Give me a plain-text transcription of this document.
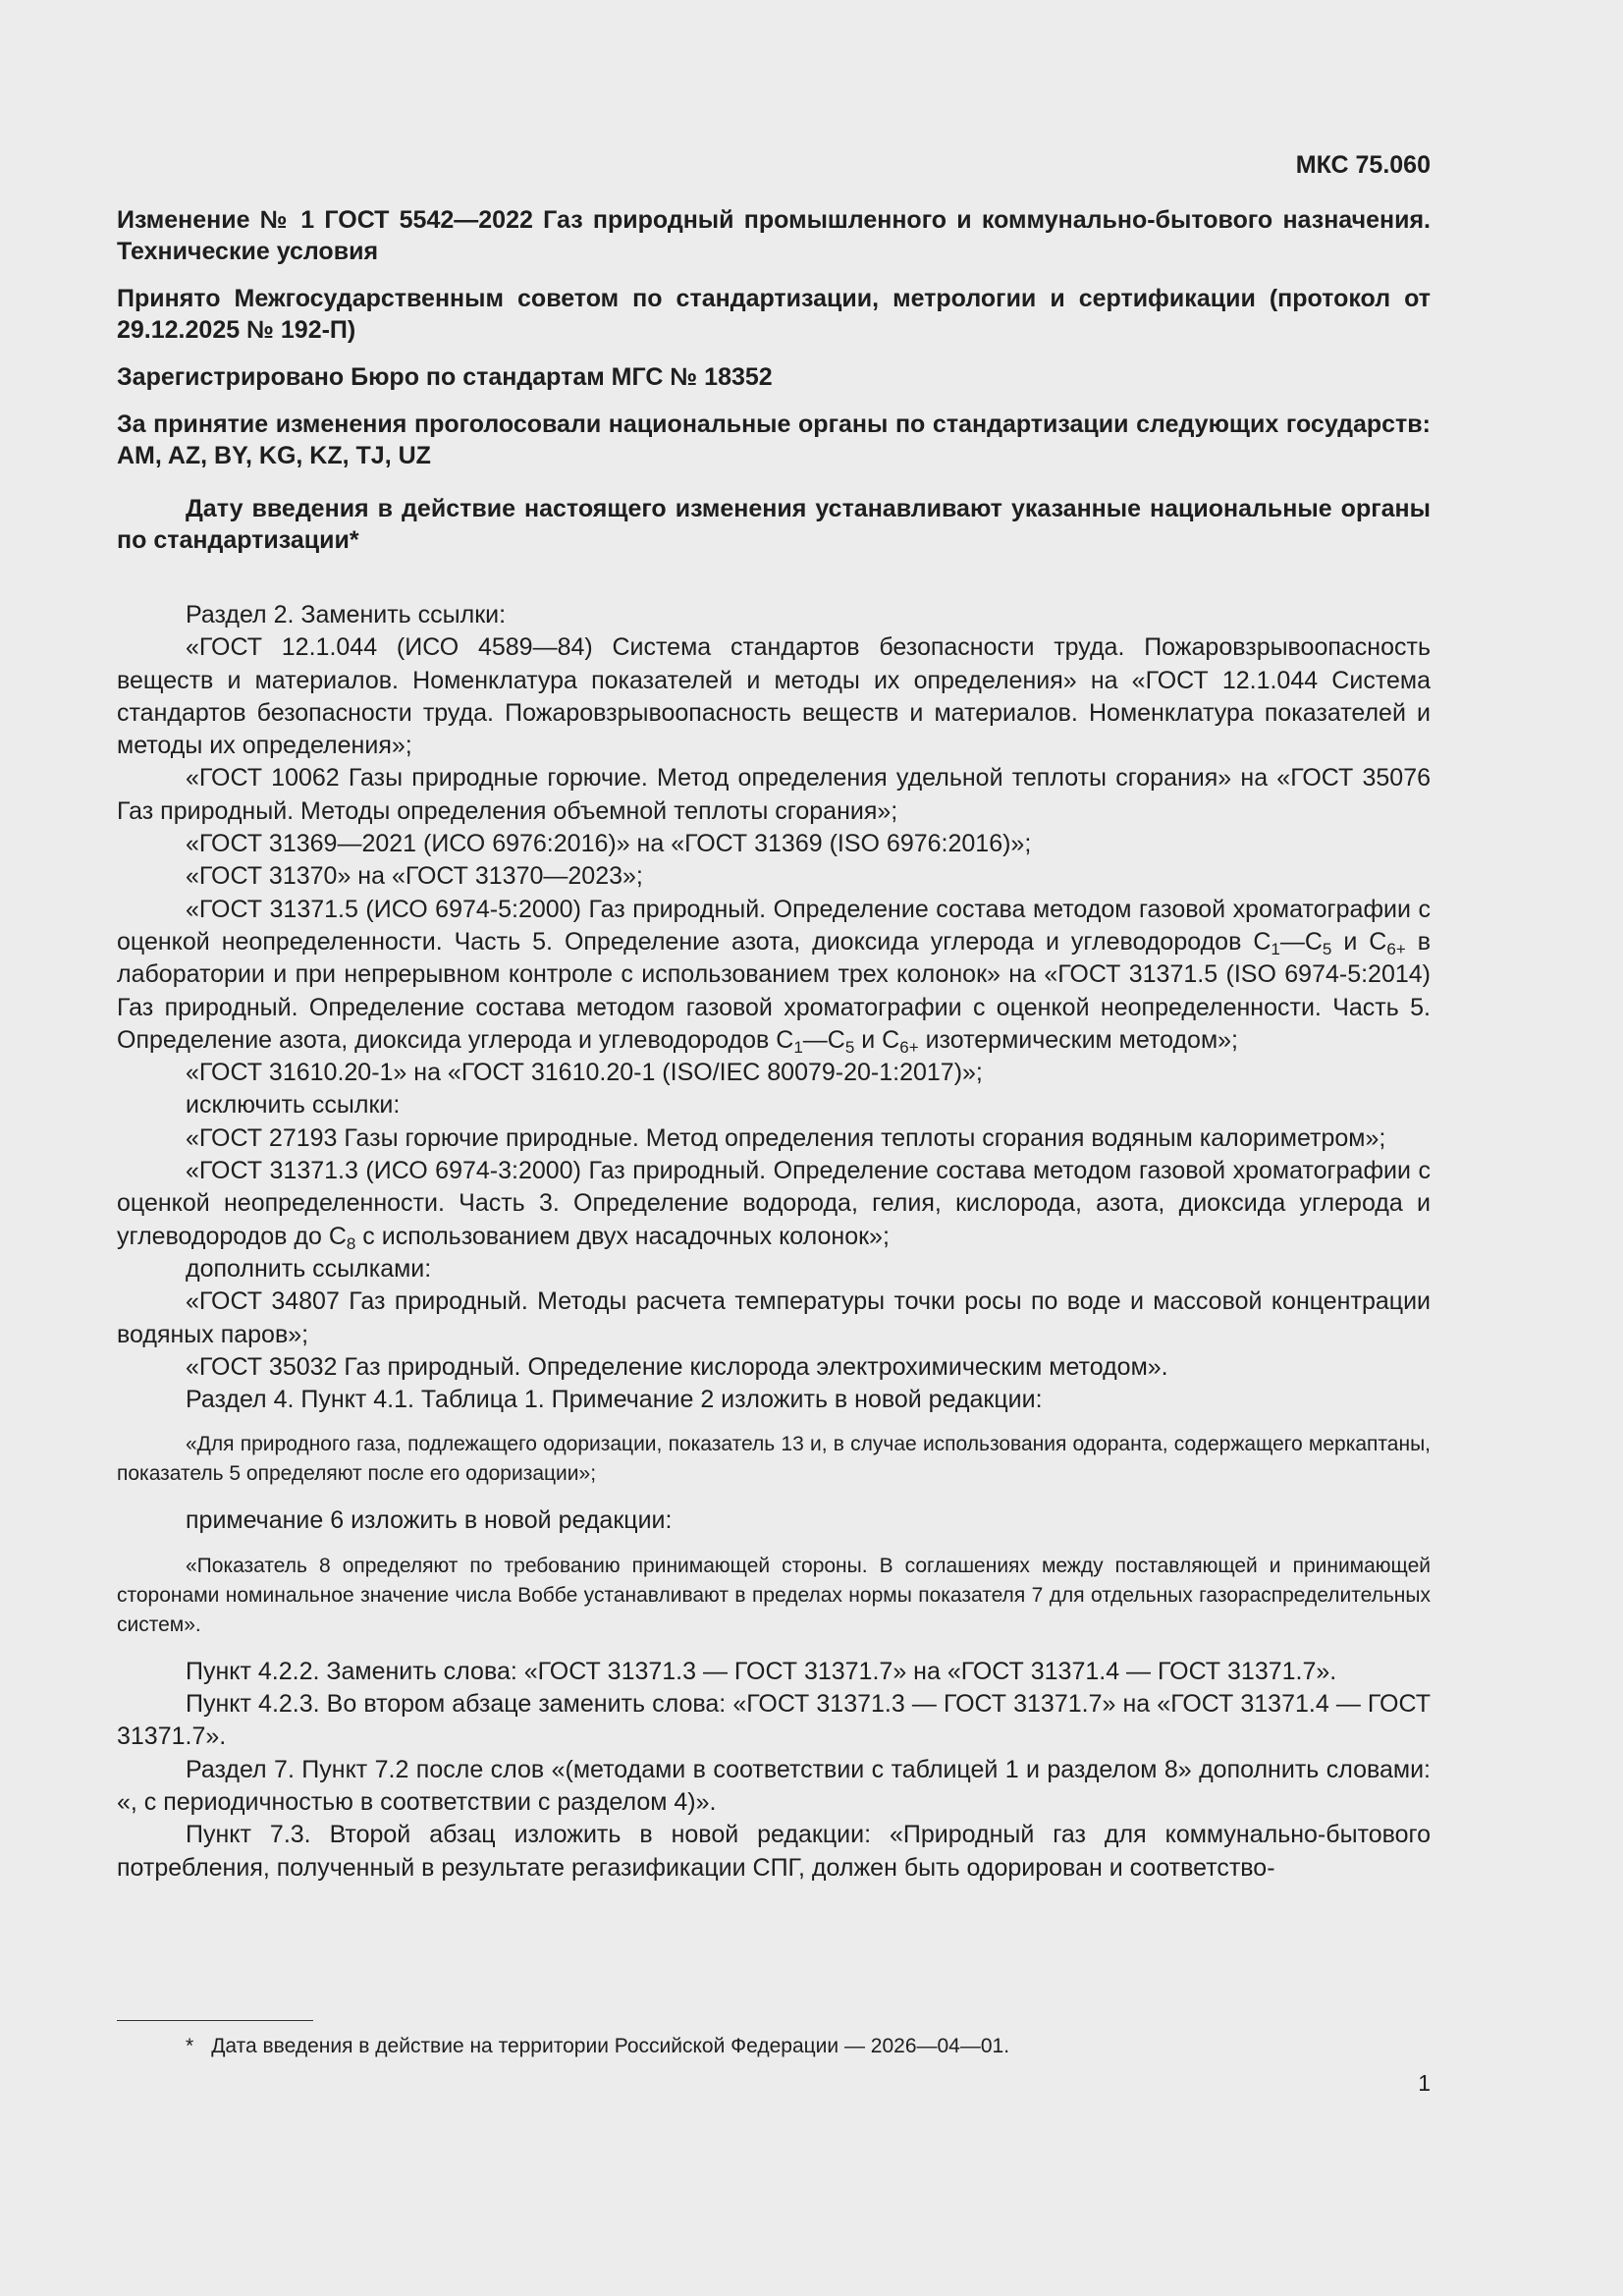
МКС 75.060

Изменение № 1 ГОСТ 5542—2022 Газ природный промышленного и коммунально-бытового назначения. Технические условия

Принято Межгосударственным советом по стандартизации, метрологии и сертификации (протокол от 29.12.2025 № 192-П)

Зарегистрировано Бюро по стандартам МГС № 18352

За принятие изменения проголосовали национальные органы по стандартизации следующих государств: AM, AZ, BY, KG, KZ, TJ, UZ

Дату введения в действие настоящего изменения устанавливают указанные национальные органы по стандартизации*

Раздел 2. Заменить ссылки:

«ГОСТ 12.1.044 (ИСО 4589—84) Система стандартов безопасности труда. Пожаровзрывоопасность веществ и материалов. Номенклатура показателей и методы их определения» на «ГОСТ 12.1.044 Система стандартов безопасности труда. Пожаровзрывоопасность веществ и материалов. Номенклатура показателей и методы их определения»;

«ГОСТ 10062 Газы природные горючие. Метод определения удельной теплоты сгорания» на «ГОСТ 35076 Газ природный. Методы определения объемной теплоты сгорания»;

«ГОСТ 31369—2021 (ИСО 6976:2016)» на «ГОСТ 31369 (ISO 6976:2016)»;

«ГОСТ 31370» на «ГОСТ 31370—2023»;

«ГОСТ 31371.5 (ИСО 6974-5:2000) Газ природный. Определение состава методом газовой хроматографии с оценкой неопределенности. Часть 5. Определение азота, диоксида углерода и углеводородов $C_1—C_5$ и $C_{6+}$ в лаборатории и при непрерывном контроле с использованием трех колонок» на «ГОСТ 31371.5 (ISO 6974-5:2014) Газ природный. Определение состава методом газовой хроматографии с оценкой неопределенности. Часть 5. Определение азота, диоксида углерода и углеводородов $C_1—C_5$ и $C_{6+}$ изотермическим методом»;

«ГОСТ 31610.20-1» на «ГОСТ 31610.20-1 (ISO/IEC 80079-20-1:2017)»;

исключить ссылки:

«ГОСТ 27193 Газы горючие природные. Метод определения теплоты сгорания водяным калориметром»;

«ГОСТ 31371.3 (ИСО 6974-3:2000) Газ природный. Определение состава методом газовой хроматографии с оценкой неопределенности. Часть 3. Определение водорода, гелия, кислорода, азота, диоксида углерода и углеводородов до $C_8$ с использованием двух насадочных колонок»;

дополнить ссылками:

«ГОСТ 34807 Газ природный. Методы расчета температуры точки росы по воде и массовой концентрации водяных паров»;

«ГОСТ 35032 Газ природный. Определение кислорода электрохимическим методом».

Раздел 4. Пункт 4.1. Таблица 1. Примечание 2 изложить в новой редакции:

«Для природного газа, подлежащего одоризации, показатель 13 и, в случае использования одоранта, содержащего меркаптаны, показатель 5 определяют после его одоризации»;

примечание 6 изложить в новой редакции:

«Показатель 8 определяют по требованию принимающей стороны. В соглашениях между поставляющей и принимающей сторонами номинальное значение числа Воббе устанавливают в пределах нормы показателя 7 для отдельных газораспределительных систем».

Пункт 4.2.2. Заменить слова: «ГОСТ 31371.3 — ГОСТ 31371.7» на «ГОСТ 31371.4 — ГОСТ 31371.7».

Пункт 4.2.3. Во втором абзаце заменить слова: «ГОСТ 31371.3 — ГОСТ 31371.7» на «ГОСТ 31371.4 — ГОСТ 31371.7».

Раздел 7. Пункт 7.2 после слов «(методами в соответствии с таблицей 1 и разделом 8» дополнить словами: «, с периодичностью в соответствии с разделом 4)».

Пункт 7.3. Второй абзац изложить в новой редакции: «Природный газ для коммунально-бытового потребления, полученный в результате регазификации СПГ, должен быть одорирован и соответство-

* Дата введения в действие на территории Российской Федерации — 2026—04—01.
1
